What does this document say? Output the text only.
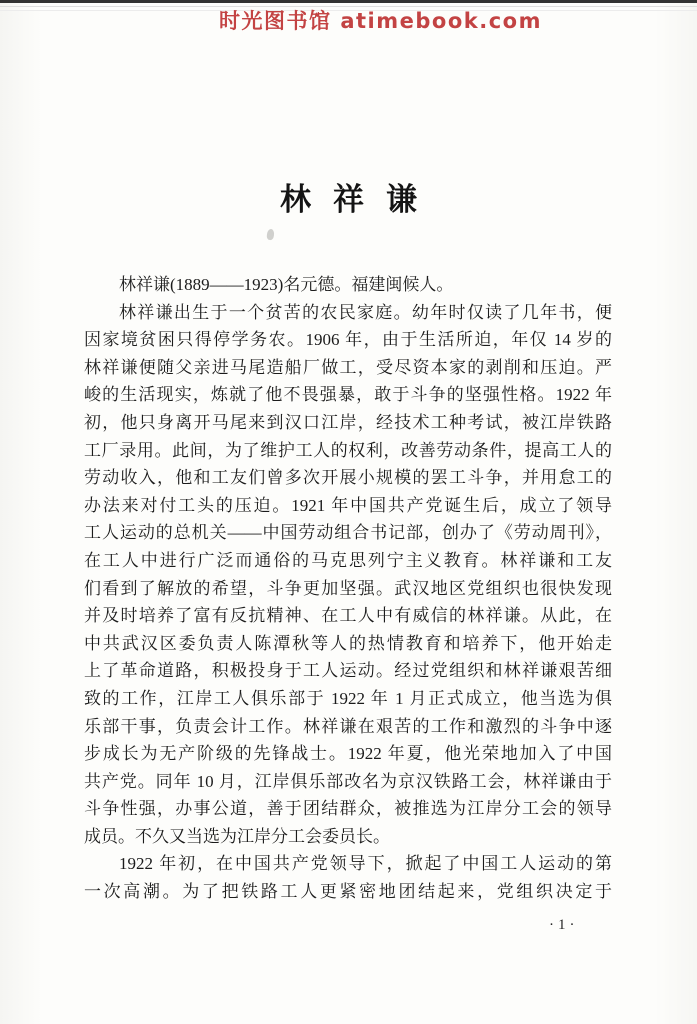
时光图书馆 atimebook.com
林祥谦
林祥谦(1889——1923)名元德。福建闽候人。
林祥谦出生于一个贫苦的农民家庭。幼年时仅读了几年书，便
因家境贫困只得停学务农。1906 年，由于生活所迫，年仅 14 岁的
林祥谦便随父亲进马尾造船厂做工，受尽资本家的剥削和压迫。严
峻的生活现实，炼就了他不畏强暴，敢于斗争的坚强性格。1922 年
初，他只身离开马尾来到汉口江岸，经技术工种考试，被江岸铁路
工厂录用。此间，为了维护工人的权利，改善劳动条件，提高工人的
劳动收入，他和工友们曾多次开展小规模的罢工斗争，并用怠工的
办法来对付工头的压迫。1921 年中国共产党诞生后，成立了领导
工人运动的总机关——中国劳动组合书记部，创办了《劳动周刊》，
在工人中进行广泛而通俗的马克思列宁主义教育。林祥谦和工友
们看到了解放的希望，斗争更加坚强。武汉地区党组织也很快发现
并及时培养了富有反抗精神、在工人中有威信的林祥谦。从此，在
中共武汉区委负责人陈潭秋等人的热情教育和培养下，他开始走
上了革命道路，积极投身于工人运动。经过党组织和林祥谦艰苦细
致的工作，江岸工人俱乐部于 1922 年 1 月正式成立，他当选为俱
乐部干事，负责会计工作。林祥谦在艰苦的工作和激烈的斗争中逐
步成长为无产阶级的先锋战士。1922 年夏，他光荣地加入了中国
共产党。同年 10 月，江岸俱乐部改名为京汉铁路工会，林祥谦由于
斗争性强，办事公道，善于团结群众，被推选为江岸分工会的领导
成员。不久又当选为江岸分工会委员长。
1922 年初，在中国共产党领导下，掀起了中国工人运动的第
一次高潮。为了把铁路工人更紧密地团结起来，党组织决定于
·1·
